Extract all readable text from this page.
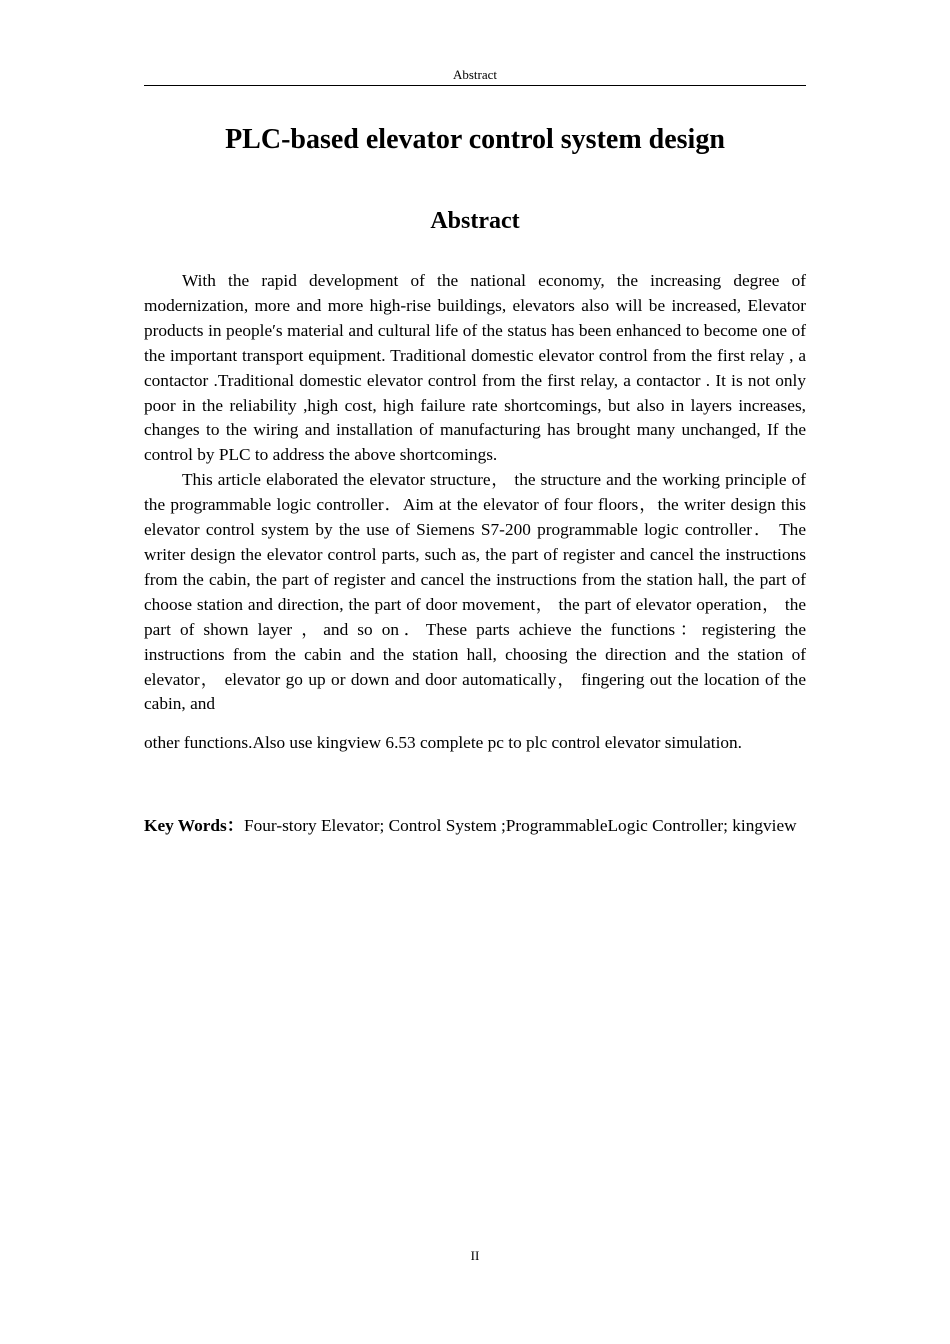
Abstract
PLC-based elevator control system design
Abstract

With the rapid development of the national economy, the increasing degree of modernization, more and more high-rise buildings, elevators also will be increased, Elevator products in people′s material and cultural life of the status has been enhanced to become one of the important transport equipment. Traditional domestic elevator control from the first relay , a contactor .Traditional domestic elevator control from the first relay, a contactor . It is not only poor in the reliability ,high cost, high failure rate shortcomings, but also in layers increases, changes to the wiring and installation of manufacturing has brought many unchanged, If the control by PLC to address the above shortcomings.

This article elaborated the elevator structure， the structure and the working principle of the programmable logic controller．Aim at the elevator of four floors，the writer design this elevator control system by the use of Siemens S7-200 programmable logic controller． The writer design the elevator control parts, such as, the part of register and cancel the instructions from the cabin, the part of register and cancel the instructions from the station hall, the part of choose station and direction, the part of door movement， the part of elevator operation， the part of shown layer ，and so on．These parts achieve the functions：registering the instructions from the cabin and the station hall, choosing the direction and the station of elevator， elevator go up or down and door automatically， fingering out the location of the cabin, and

other functions.Also use kingview 6.53 complete pc to plc control elevator simulation.

Key Words：Four-story Elevator; Control System ;ProgrammableLogic Controller; kingview

II
